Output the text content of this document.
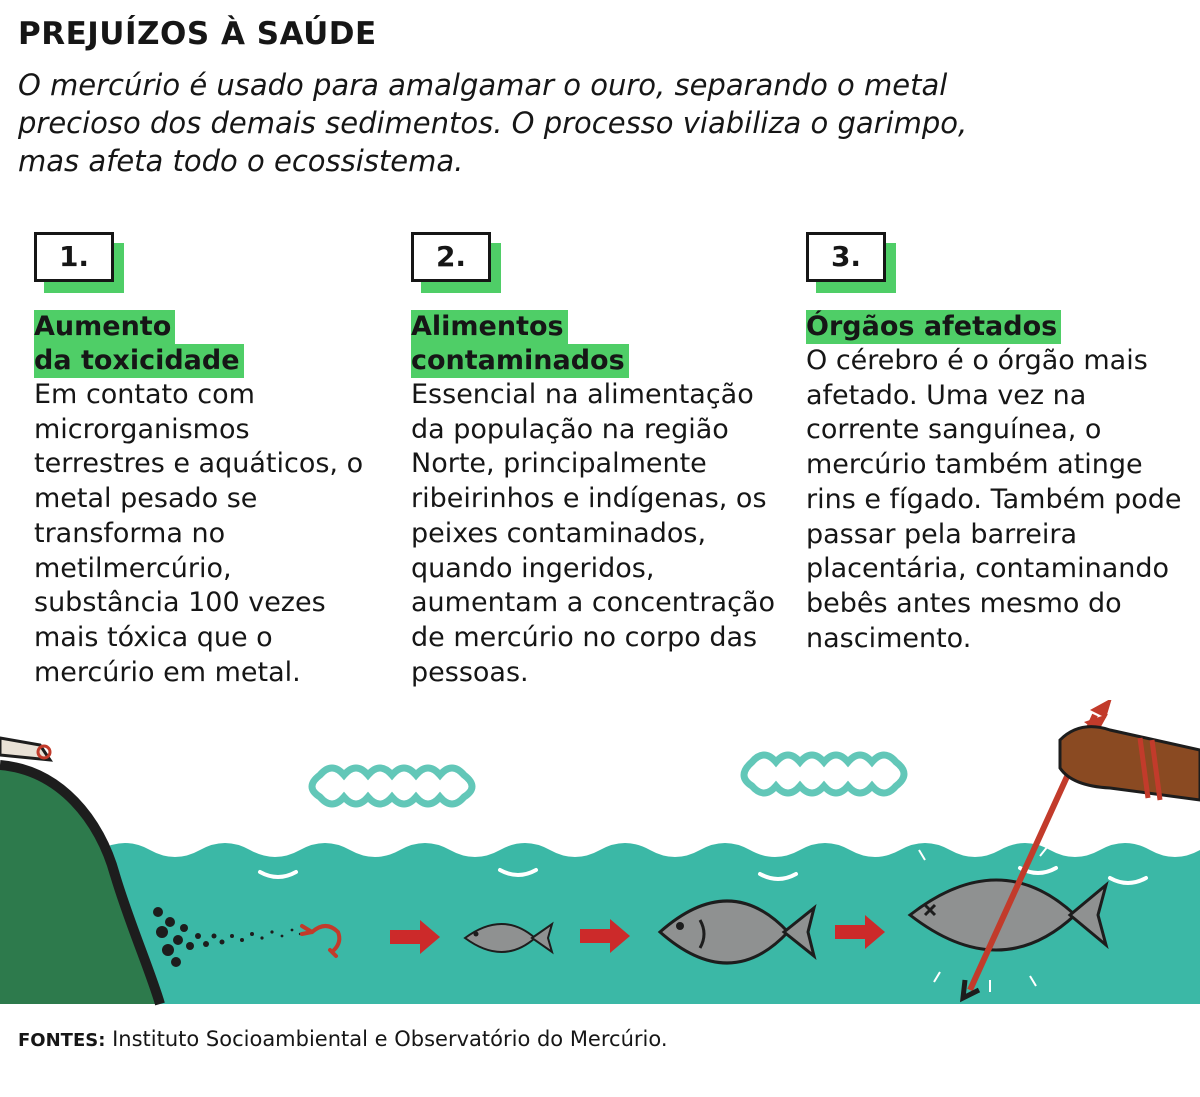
PREJUÍZOS À SAÚDE

O mercúrio é usado para amalgamar o ouro, separando o metal precioso dos demais sedimentos. O processo viabiliza o garimpo, mas afeta todo o ecossistema.

1.
Aumento
da toxicidade

Em contato com microrganismos terrestres e aquáticos, o metal pesado se transforma no metilmercúrio, substância 100 vezes mais tóxica que o mercúrio em metal.

2.
Alimentos
contaminados

Essencial na alimentação da população na região Norte, principalmente ribeirinhos e indígenas, os peixes contaminados, quando ingeridos, aumentam a concentração de mercúrio no corpo das pessoas.

3.
Órgãos afetados

O cérebro é o órgão mais afetado. Uma vez na corrente sanguínea, o mercúrio também atinge rins e fígado. Também pode passar pela barreira placentária, contaminando bebês antes mesmo do nascimento.

FONTES: Instituto Socioambiental e Observatório do Mercúrio.
